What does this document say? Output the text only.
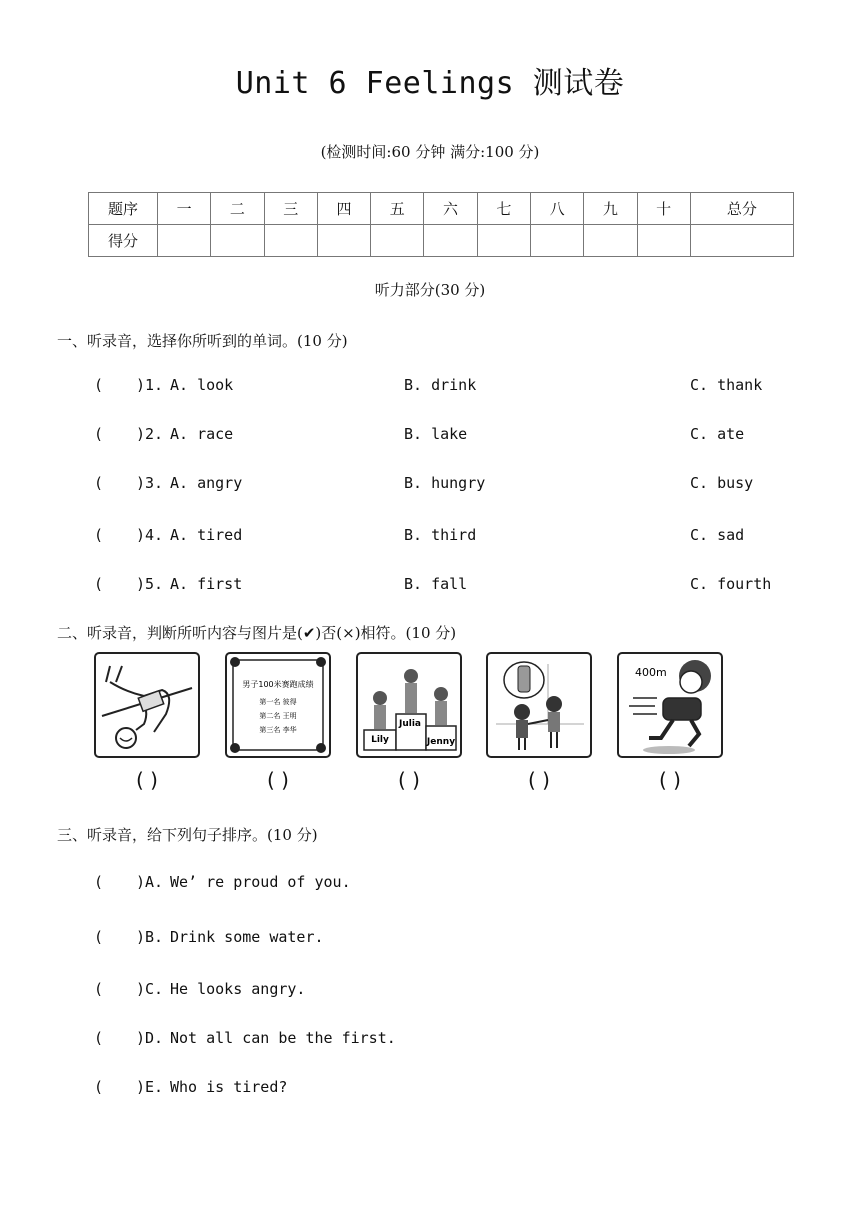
Unit 6 Feelings 测试卷
(检测时间:60 分钟 满分:100 分)
题序	一	二	三	四	五	六	七	八	九	十	总分
得分											
听力部分(30 分)
一、听录音，选择你所听到的单词。(10 分)
( )1. A. look	B. drink	C. thank
( )2. A. race	B. lake	C. ate
( )3. A. angry	B. hungry	C. busy
( )4. A. tired	B. third	C. sad
( )5. A. first	B. fall	C. fourth
二、听录音，判断所听内容与图片是(✔)否(×)相符。(10 分)
男子100米赛跑成绩
第一名 彼得
第二名 王明
第三名 李华
Julia
Lily	Jenny
400m
( )	( )	( )	( )	( )
三、听录音，给下列句子排序。(10 分)
( )A. We’ re proud of you.
( )B. Drink some water.
( )C. He looks angry.
( )D. Not all can be the first.
( )E. Who is tired?
